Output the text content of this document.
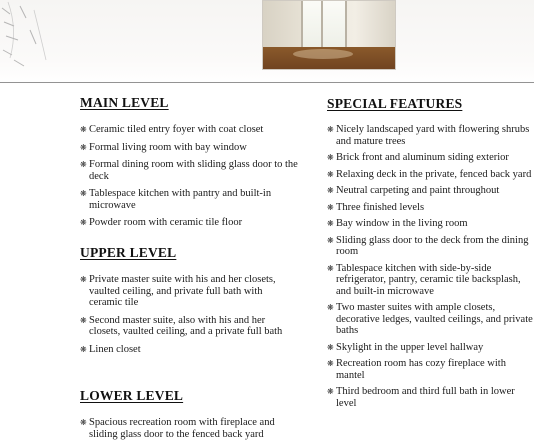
MAIN LEVEL
❋ Ceramic tiled entry foyer with coat closet
❋ Formal living room with bay window
❋ Formal dining room with sliding glass door to the deck
❋ Tablespace kitchen with pantry and built-in microwave
❋ Powder room with ceramic tile floor
UPPER LEVEL
❋ Private master suite with his and her closets, vaulted ceiling, and private full bath with ceramic tile
❋ Second master suite, also with his and her closets, vaulted ceiling, and a private full bath
❋ Linen closet
LOWER LEVEL
❋ Spacious recreation room with fireplace and sliding glass door to the fenced back yard
SPECIAL FEATURES
❋ Nicely landscaped yard with flowering shrubs and mature trees
❋ Brick front and aluminum siding exterior
❋ Relaxing deck in the private, fenced back yard
❋ Neutral carpeting and paint throughout
❋ Three finished levels
❋ Bay window in the living room
❋ Sliding glass door to the deck from the dining room
❋ Tablespace kitchen with side-by-side refrigerator, pantry, ceramic tile backsplash, and built-in microwave
❋ Two master suites with ample closets, decorative ledges, vaulted ceilings, and private baths
❋ Skylight in the upper level hallway
❋ Recreation room has cozy fireplace with mantel
❋ Third bedroom and third full bath in lower level
